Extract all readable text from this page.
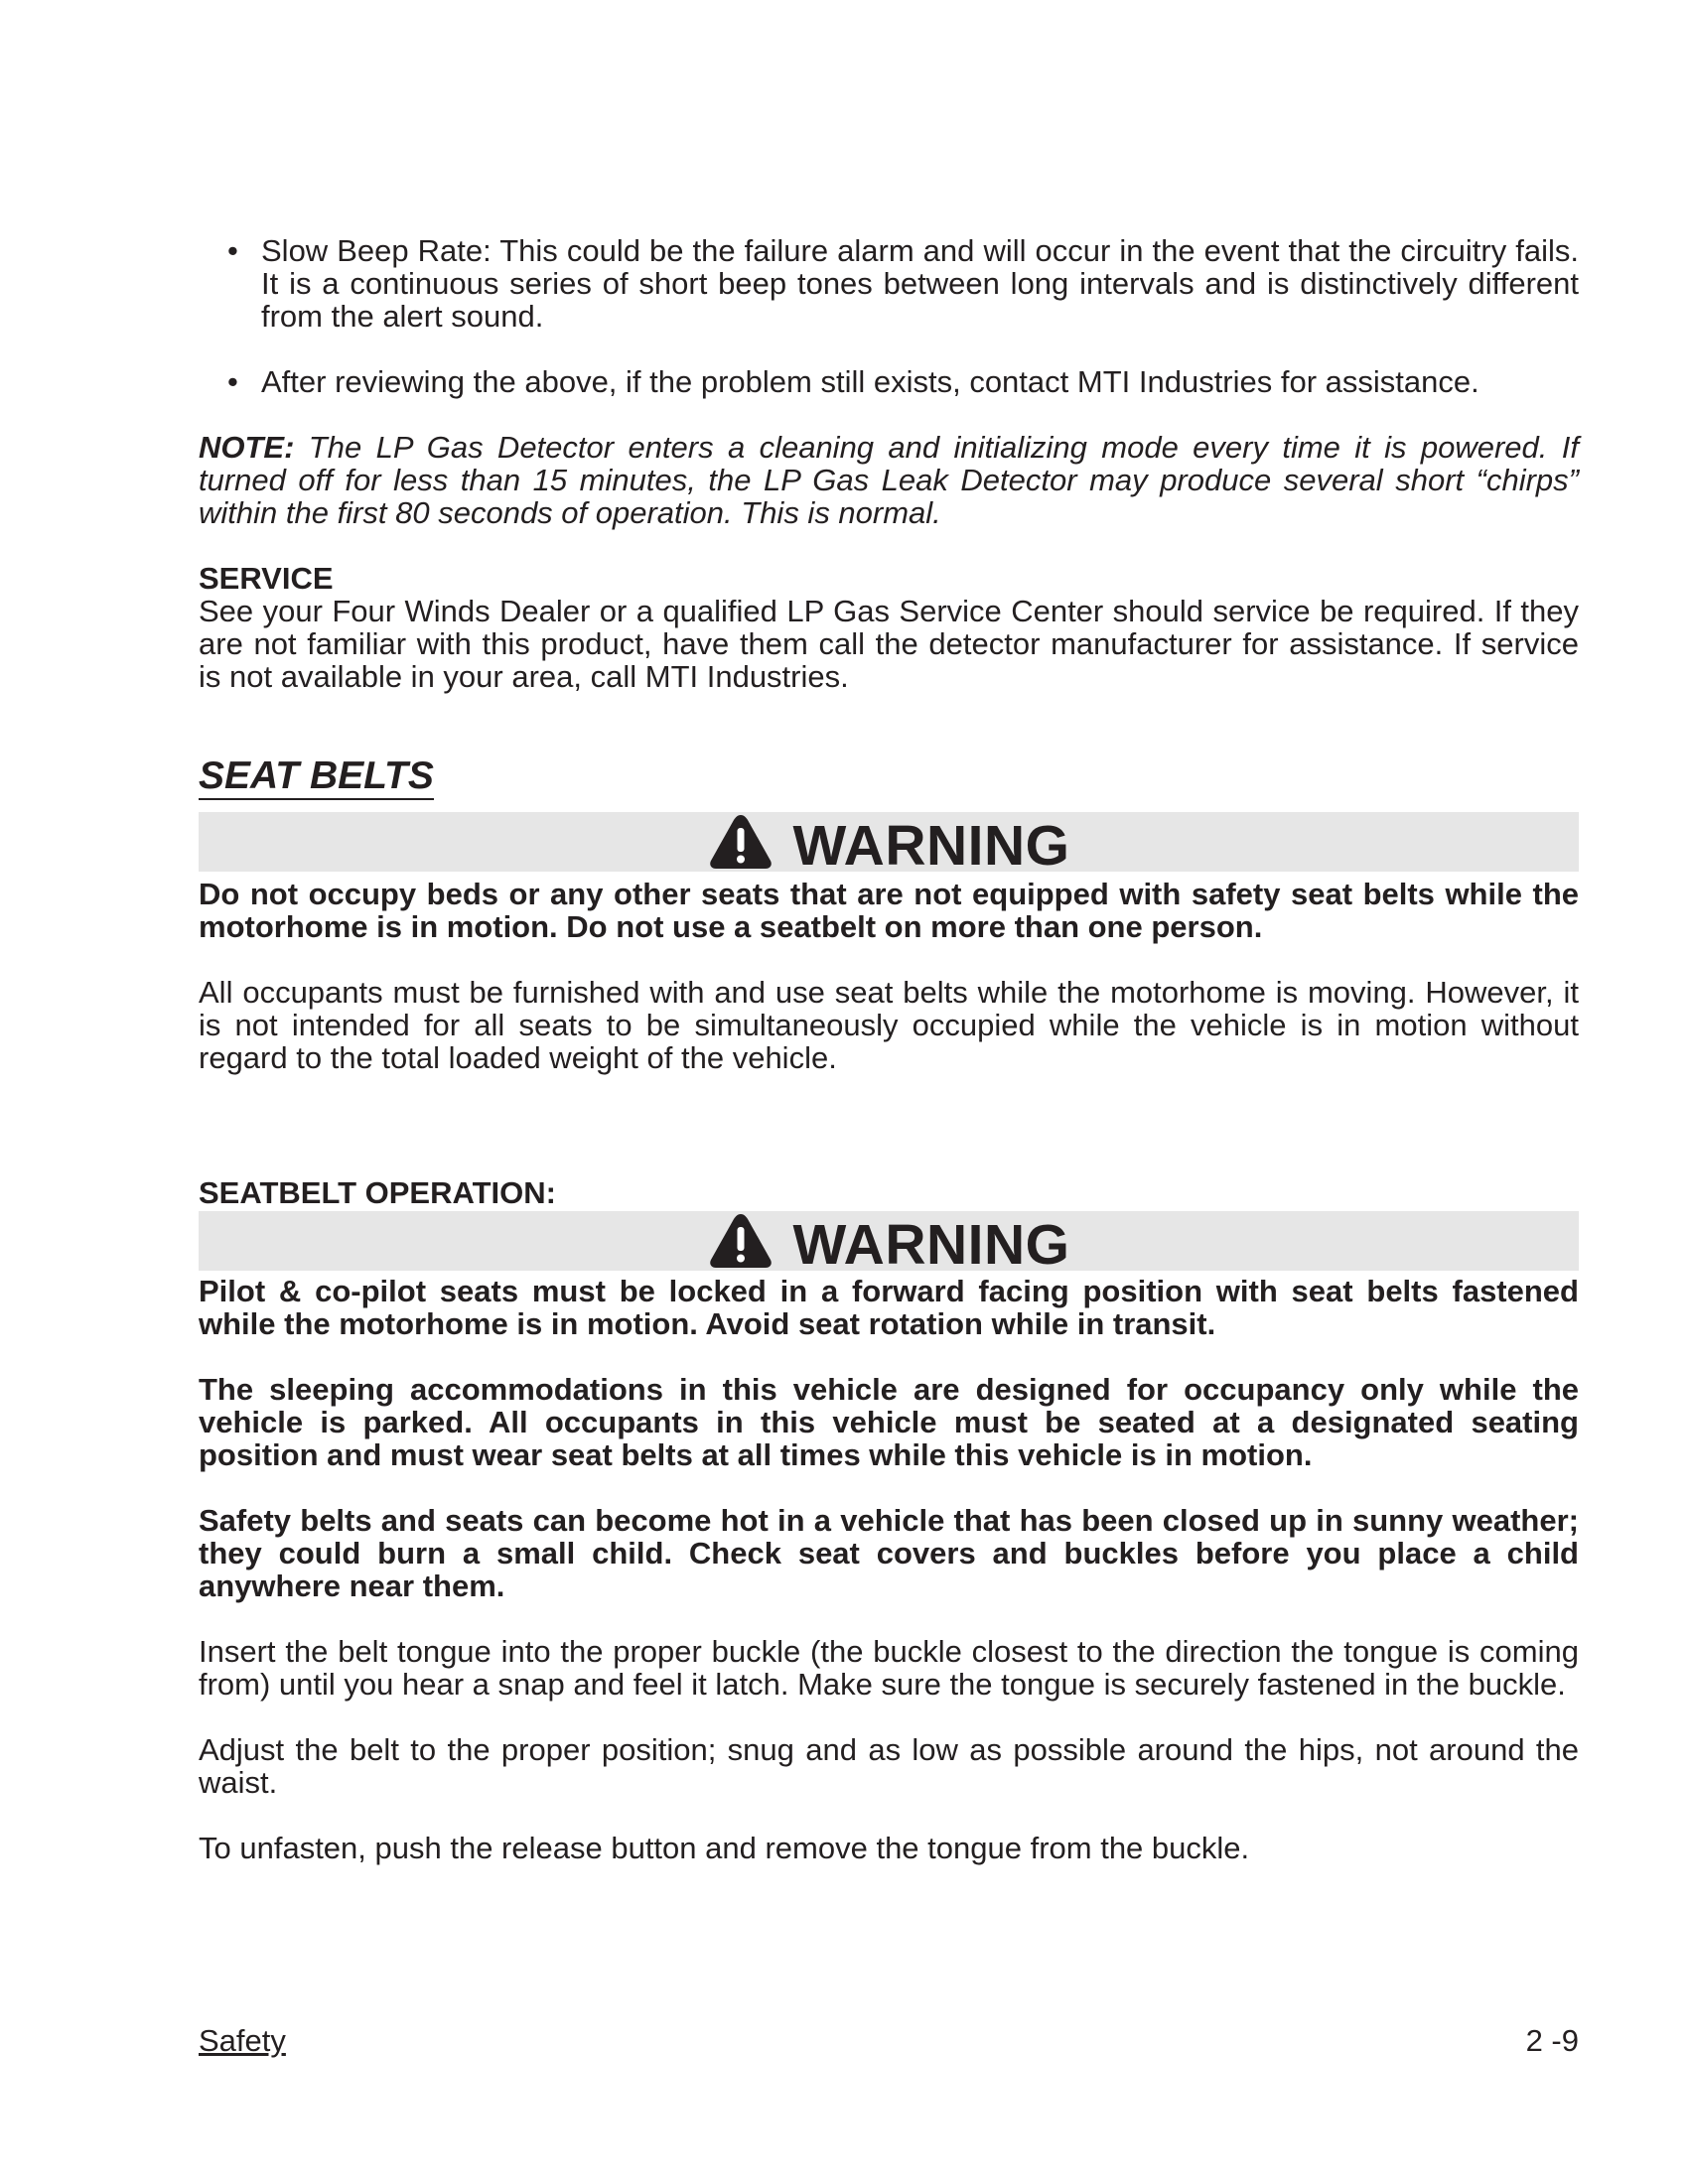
• Slow Beep Rate: This could be the failure alarm and will occur in the event that the circuitry fails. It is a continuous series of short beep tones between long intervals and is distinctively different from the alert sound.
• After reviewing the above, if the problem still exists, contact MTI Industries for assistance.

NOTE: The LP Gas Detector enters a cleaning and initializing mode every time it is powered. If turned off for less than 15 minutes, the LP Gas Leak Detector may produce several short “chirps” within the first 80 seconds of operation. This is normal.

SERVICE

See your Four Winds Dealer or a qualified LP Gas Service Center should service be required. If they are not familiar with this product, have them call the detector manufacturer for assistance. If service is not available in your area, call MTI Industries.

SEAT BELTS
WARNING

Do not occupy beds or any other seats that are not equipped with safety seat belts while the motorhome is in motion. Do not use a seatbelt on more than one person.

All occupants must be furnished with and use seat belts while the motorhome is moving. However, it is not intended for all seats to be simultaneously occupied while the vehicle is in motion without regard to the total loaded weight of the vehicle.

SEATBELT OPERATION:

WARNING

Pilot & co-pilot seats must be locked in a forward facing position with seat belts fastened while the motorhome is in motion. Avoid seat rotation while in transit.

The sleeping accommodations in this vehicle are designed for occupancy only while the vehicle is parked. All occupants in this vehicle must be seated at a designated seating position and must wear seat belts at all times while this vehicle is in motion.

Safety belts and seats can become hot in a vehicle that has been closed up in sunny weather; they could burn a small child. Check seat covers and buckles before you place a child anywhere near them.

Insert the belt tongue into the proper buckle (the buckle closest to the direction the tongue is coming from) until you hear a snap and feel it latch. Make sure the tongue is securely fastened in the buckle.

Adjust the belt to the proper position; snug and as low as possible around the hips, not around the waist.

To unfasten, push the release button and remove the tongue from the buckle.

Safety	2 -9
